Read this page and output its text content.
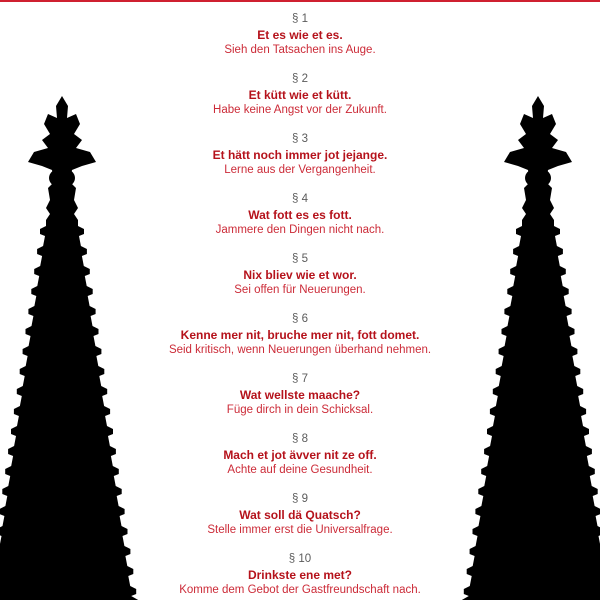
§ 1
Et es wie et es.
Sieh den Tatsachen ins Auge.
§ 2
Et kütt wie et kütt.
Habe keine Angst vor der Zukunft.
§ 3
Et hätt noch immer jot jejange.
Lerne aus der Vergangenheit.
§ 4
Wat fott es es fott.
Jammere den Dingen nicht nach.
§ 5
Nix bliev wie et wor.
Sei offen für Neuerungen.
§ 6
Kenne mer nit, bruche mer nit, fott domet.
Seid kritisch, wenn Neuerungen überhand nehmen.
§ 7
Wat wellste maache?
Füge dirch in dein Schicksal.
§ 8
Mach et jot ävver nit ze off.
Achte auf deine Gesundheit.
§ 9
Wat soll dä Quatsch?
Stelle immer erst die Universalfrage.
§ 10
Drinkste ene met?
Komme dem Gebot der Gastfreundschaft nach.
